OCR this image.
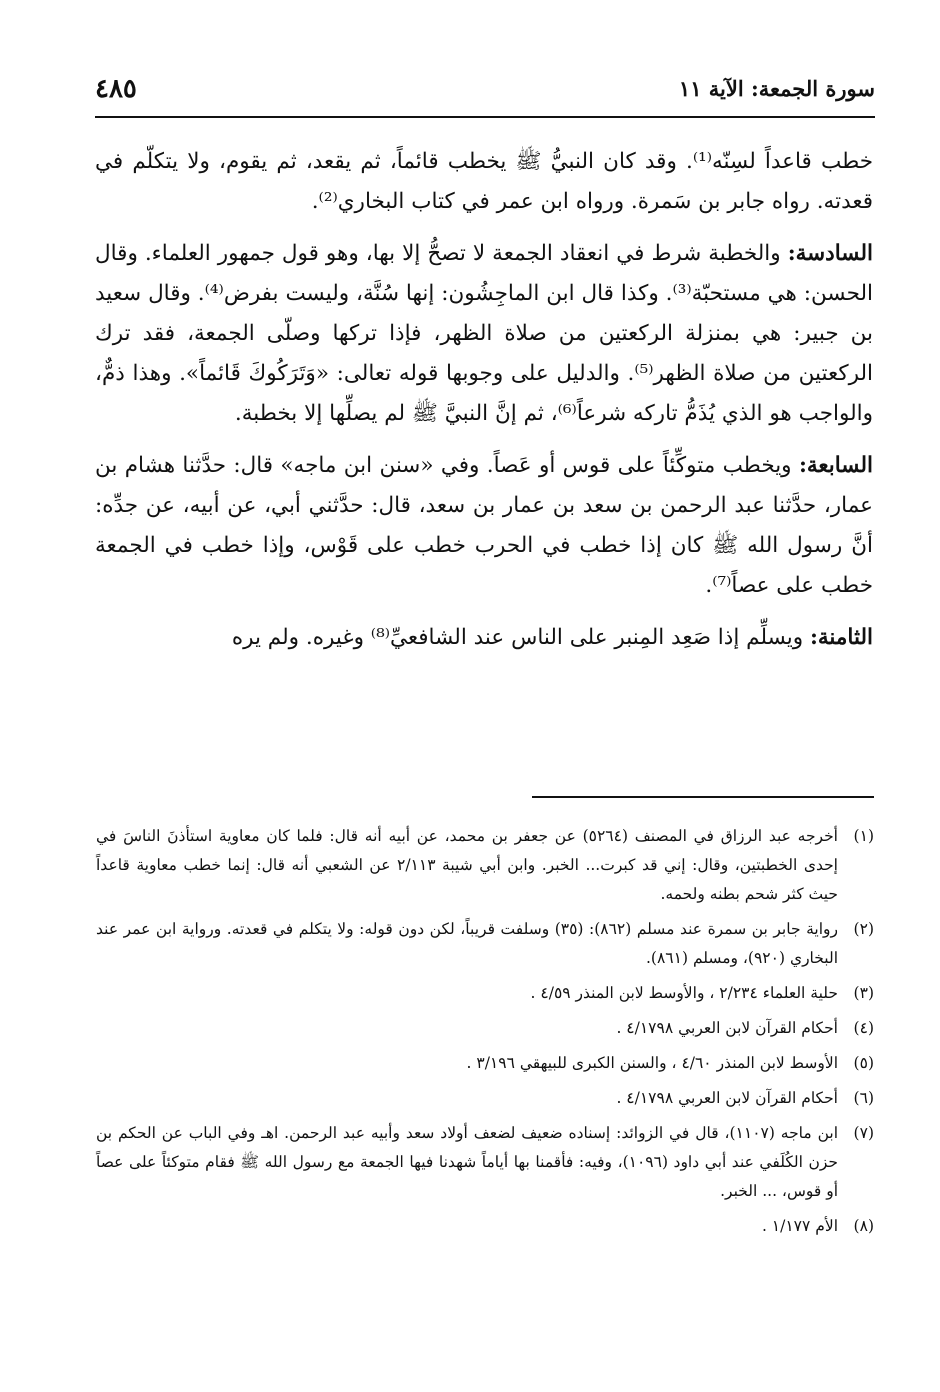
سورة الجمعة: الآية ١١
٤٨٥

خطب قاعداً لسِنّه⁽¹⁾. وقد كان النبيُّ ﷺ يخطب قائماً، ثم يقعد، ثم يقوم، ولا يتكلّم في قعدته. رواه جابر بن سَمرة. ورواه ابن عمر في كتاب البخاري⁽²⁾.

السادسة: والخطبة شرط في انعقاد الجمعة لا تصحُّ إلا بها، وهو قول جمهور العلماء. وقال الحسن: هي مستحبّة⁽³⁾. وكذا قال ابن الماجِشُون: إنها سُنَّة، وليست بفرض⁽⁴⁾. وقال سعيد بن جبير: هي بمنزلة الركعتين من صلاة الظهر، فإذا تركها وصلّى الجمعة، فقد ترك الركعتين من صلاة الظهر⁽⁵⁾. والدليل على وجوبها قوله تعالى: «وَتَرَكُوكَ قَائماً». وهذا ذمٌّ، والواجب هو الذي يُذَمُّ تاركه شرعاً⁽⁶⁾، ثم إنَّ النبيَّ ﷺ لم يصلِّها إلا بخطبة.

السابعة: ويخطب متوكِّئاً على قوس أو عَصاً. وفي «سنن ابن ماجه» قال: حدَّثنا هشام بن عمار، حدَّثنا عبد الرحمن بن سعد بن عمار بن سعد، قال: حدَّثني أبي، عن أبيه، عن جدِّه: أنَّ رسول الله ﷺ كان إذا خطب في الحرب خطب على قَوْس، وإذا خطب في الجمعة خطب على عصاً⁽⁷⁾.

الثامنة: ويسلِّم إذا صَعِد المِنبر على الناس عند الشافعيِّ⁽⁸⁾ وغيره. ولم يره

(١)
أخرجه عبد الرزاق في المصنف (٥٢٦٤) عن جعفر بن محمد، عن أبيه أنه قال: فلما كان معاوية استأذنَ الناسَ في إحدى الخطبتين، وقال: إني قد كبرت... الخبر. وابن أبي شيبة ٢/١١٣ عن الشعبي أنه قال: إنما خطب معاوية قاعداً حيث كثر شحم بطنه ولحمه.
(٢)
رواية جابر بن سمرة عند مسلم (٨٦٢): (٣٥) وسلفت قريباً، لكن دون قوله: ولا يتكلم في قعدته. ورواية ابن عمر عند البخاري (٩٢٠)، ومسلم (٨٦١).
(٣)
حلية العلماء ٢/٢٣٤ ، والأوسط لابن المنذر ٤/٥٩ .
(٤)
أحكام القرآن لابن العربي ٤/١٧٩٨ .
(٥)
الأوسط لابن المنذر ٤/٦٠ ، والسنن الكبرى للبيهقي ٣/١٩٦ .
(٦)
أحكام القرآن لابن العربي ٤/١٧٩٨ .
(٧)
ابن ماجه (١١٠٧)، قال في الزوائد: إسناده ضعيف لضعف أولاد سعد وأبيه عبد الرحمن. اهـ وفي الباب عن الحكم بن حزن الكُلَفي عند أبي داود (١٠٩٦)، وفيه: فأقمنا بها أياماً شهدنا فيها الجمعة مع رسول الله ﷺ فقام متوكئاً على عصاً أو قوس، ... الخبر.
(٨)
الأم ١/١٧٧ .
